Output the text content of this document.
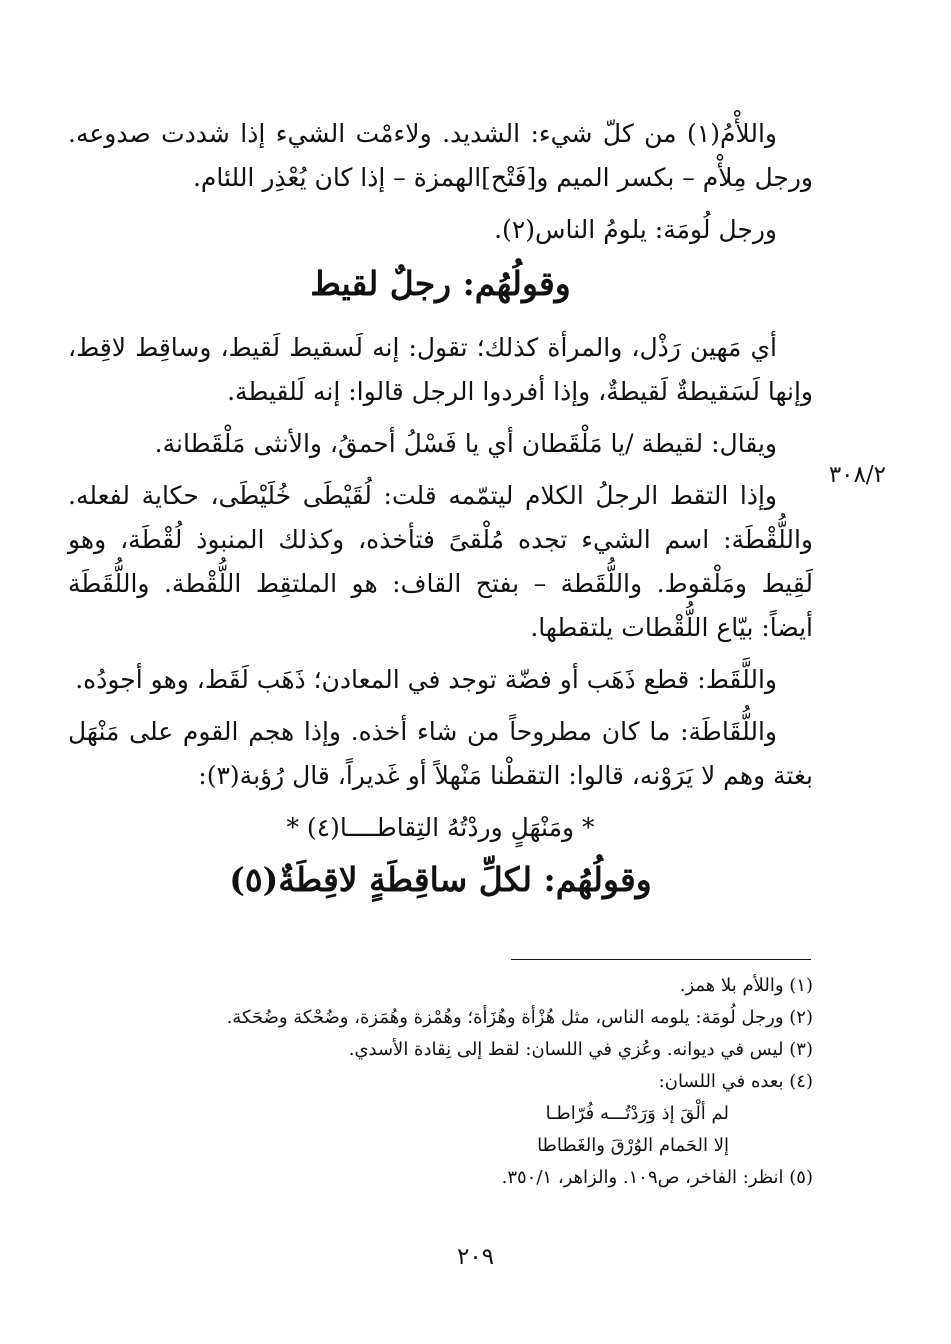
واللأْمُ(١) من كلّ شيء: الشديد. ولاءمْت الشيء إذا شددت صدوعه. ورجل مِلأْم – بكسر الميم و[فَتْح]الهمزة – إذا كان يُعْذِر اللئام.

ورجل لُومَة: يلومُ الناس(٢).

وقولُهُم: رجلٌ لقيط

أي مَهين رَذْل، والمرأة كذلك؛ تقول: إنه لَسقيط لَقيط، وساقِط لاقِط، وإنها لَسَقيطةٌ لَقيطةٌ، وإذا أفردوا الرجل قالوا: إنه لَلقيطة.

ويقال: لقيطة /يا مَلْقَطان أي يا فَسْلُ أحمقُ، والأنثى مَلْقَطانة.

وإذا التقط الرجلُ الكلام ليتمّمه قلت: لُقَيْطَى خُلَيْطَى، حكاية لفعله. واللُّقْطَة: اسم الشيء تجده مُلْقىً فتأخذه، وكذلك المنبوذ لُقْطَة، وهو لَقِيط ومَلْقوط. واللُّقَطة – بفتح القاف: هو الملتقِط اللُّقْطة. واللُّقَطَة أيضاً: بيّاع اللُّقْطات يلتقطها.

واللَّقَط: قطع ذَهَب أو فضّة توجد في المعادن؛ ذَهَب لَقَط، وهو أجودُه.

واللُّقَاطَة: ما كان مطروحاً من شاء أخذه. وإذا هجم القوم على مَنْهَل بغتة وهم لا يَرَوْنه، قالوا: التقطْنا مَنْهلاً أو غَديراً، قال رُؤبة(٣):

* ومَنْهَلٍ وردْتُهُ التِقاطــــا(٤) *

وقولُهُم: لكلِّ ساقِطَةٍ لاقِطَةٌ(٥)
٣٠٨/٢

(١) واللأم بلا همز.

(٢) ورجل لُومَة: يلومه الناس، مثل هُزْأة وهُزَأة؛ وهُمْزة وهُمَزة، وضُحْكة وضُحَكة.

(٣) ليس في ديوانه. وعُزي في اللسان: لقط إلى نِقادة الأسدي.

(٤) بعده في اللسان:

لم ألْقَ إذ وَرَدْتُـــه فُرّاطـا

إلا الحَمام الوُرْقَ والغَطاطا

(٥) انظر: الفاخر، ص١٠٩. والزاهر، ٣٥٠/١.

٢٠٩
